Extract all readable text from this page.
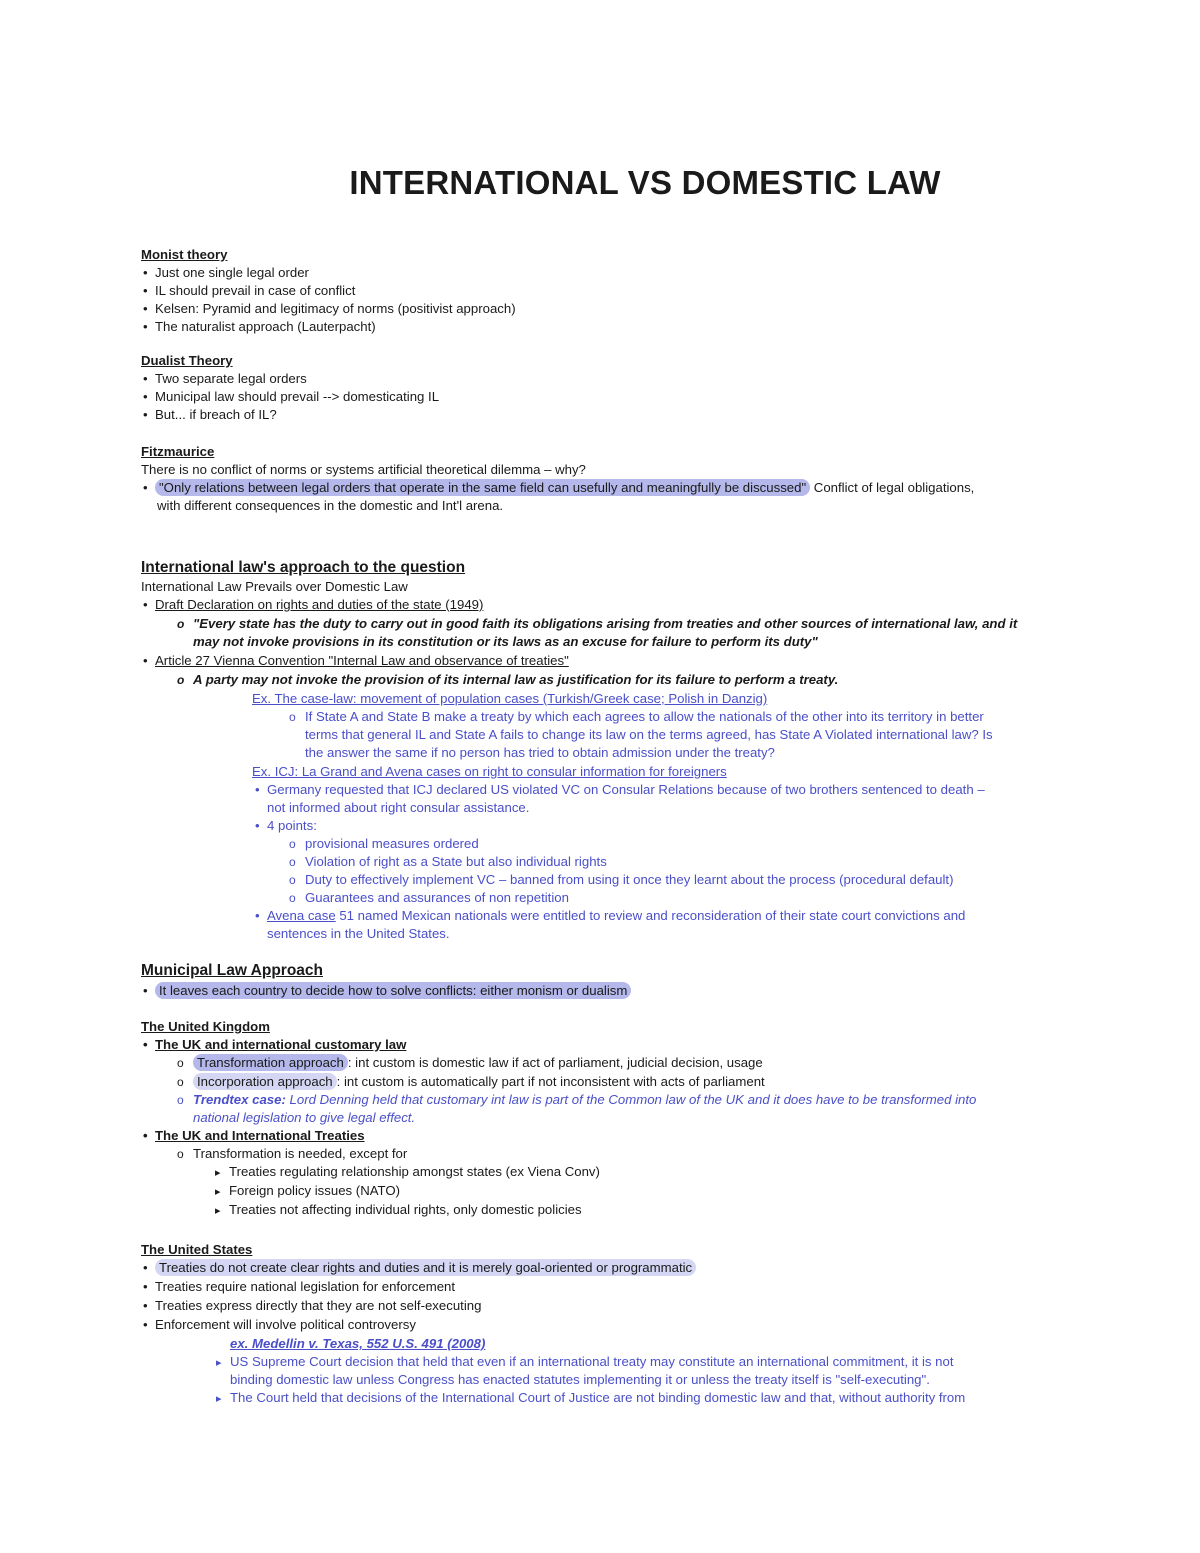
INTERNATIONAL VS DOMESTIC LAW
Monist theory
• Just one single legal order
• IL should prevail in case of conflict
• Kelsen: Pyramid and legitimacy of norms (positivist approach)
• The naturalist approach (Lauterpacht)
Dualist Theory
• Two separate legal orders
• Municipal law should prevail --> domesticating IL
• But... if breach of IL?
Fitzmaurice
There is no conflict of norms or systems artificial theoretical dilemma – why?
• "Only relations between legal orders that operate in the same field can usefully and meaningfully be discussed" Conflict of legal obligations,
with different consequences in the domestic and Int'l arena.
International law's approach to the question
International Law Prevails over Domestic Law
• Draft Declaration on rights and duties of the state (1949)
o "Every state has the duty to carry out in good faith its obligations arising from treaties and other sources of international law, and it
may not invoke provisions in its constitution or its laws as an excuse for failure to perform its duty"
• Article 27 Vienna Convention "Internal Law and observance of treaties"
o A party may not invoke the provision of its internal law as justification for its failure to perform a treaty.
Ex. The case-law: movement of population cases (Turkish/Greek case; Polish in Danzig)
o If State A and State B make a treaty by which each agrees to allow the nationals of the other into its territory in better
terms that general IL and State A fails to change its law on the terms agreed, has State A Violated international law? Is
the answer the same if no person has tried to obtain admission under the treaty?
Ex. ICJ: La Grand and Avena cases on right to consular information for foreigners
• Germany requested that ICJ declared US violated VC on Consular Relations because of two brothers sentenced to death –
not informed about right consular assistance.
• 4 points:
o provisional measures ordered
o Violation of right as a State but also individual rights
o Duty to effectively implement VC – banned from using it once they learnt about the process (procedural default)
o Guarantees and assurances of non repetition
• Avena case 51 named Mexican nationals were entitled to review and reconsideration of their state court convictions and
sentences in the United States.
Municipal Law Approach
• It leaves each country to decide how to solve conflicts: either monism or dualism
The United Kingdom
• The UK and international customary law
o Transformation approach : int custom is domestic law if act of parliament, judicial decision, usage
o Incorporation approach : int custom is automatically part if not inconsistent with acts of parliament
o Trendtex case: Lord Denning held that customary int law is part of the Common law of the UK and it does have to be transformed into
national legislation to give legal effect.
• The UK and International Treaties
o Transformation is needed, except for
▸ Treaties regulating relationship amongst states (ex Viena Conv)
▸ Foreign policy issues (NATO)
▸ Treaties not affecting individual rights, only domestic policies
The United States
• Treaties do not create clear rights and duties and it is merely goal-oriented or programmatic
• Treaties require national legislation for enforcement
• Treaties express directly that they are not self-executing
• Enforcement will involve political controversy
ex. Medellin v. Texas, 552 U.S. 491 (2008)
▸ US Supreme Court decision that held that even if an international treaty may constitute an international commitment, it is not
binding domestic law unless Congress has enacted statutes implementing it or unless the treaty itself is "self-executing".
▸ The Court held that decisions of the International Court of Justice are not binding domestic law and that, without authority from
